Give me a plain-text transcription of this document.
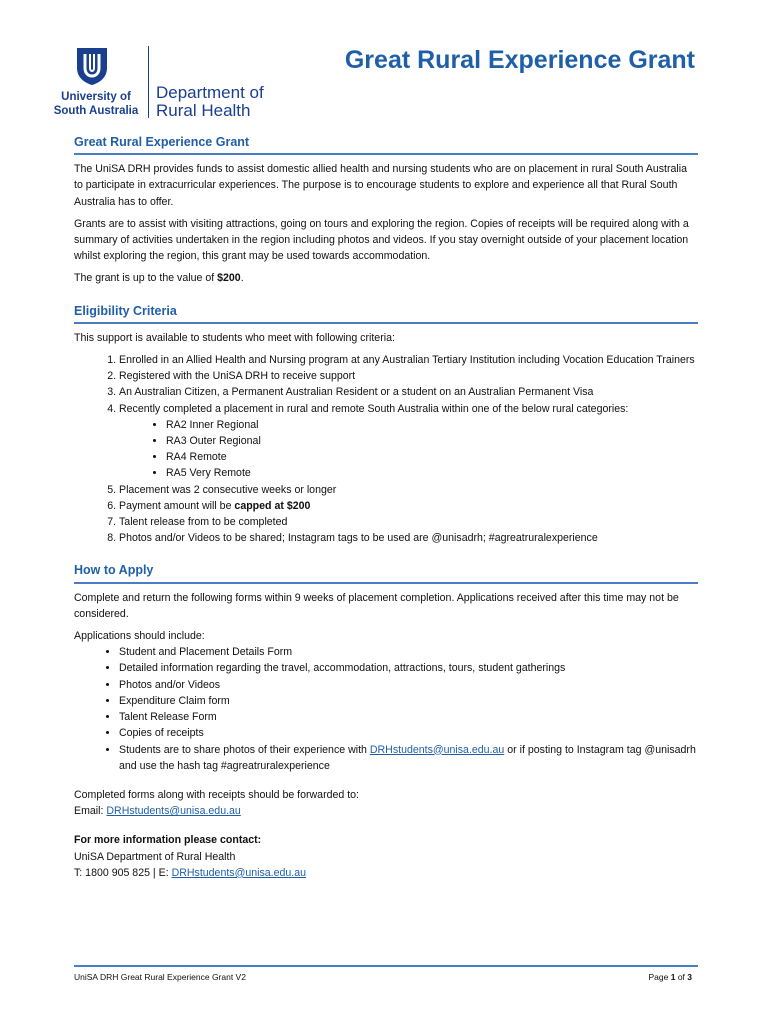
University of
South Australia
Department of
Rural Health
Great Rural Experience Grant
Great Rural Experience Grant

The UniSA DRH provides funds to assist domestic allied health and nursing students who are on placement in rural South Australia to participate in extracurricular experiences. The purpose is to encourage students to explore and experience all that Rural South Australia has to offer.

Grants are to assist with visiting attractions, going on tours and exploring the region. Copies of receipts will be required along with a summary of activities undertaken in the region including photos and videos. If you stay overnight outside of your placement location whilst exploring the region, this grant may be used towards accommodation.

The grant is up to the value of $200.

Eligibility Criteria

This support is available to students who meet with following criteria:

1. Enrolled in an Allied Health and Nursing program at any Australian Tertiary Institution including Vocation Education Trainers
2. Registered with the UniSA DRH to receive support
3. An Australian Citizen, a Permanent Australian Resident or a student on an Australian Permanent Visa
4. Recently completed a placement in rural and remote South Australia within one of the below rural categories:
• RA2 Inner Regional
• RA3 Outer Regional
• RA4 Remote
• RA5 Very Remote
5. Placement was 2 consecutive weeks or longer
6. Payment amount will be capped at $200
7. Talent release from to be completed
8. Photos and/or Videos to be shared; Instagram tags to be used are @unisadrh; #agreatruralexperience
How to Apply

Complete and return the following forms within 9 weeks of placement completion. Applications received after this time may not be considered.

Applications should include:

• Student and Placement Details Form
• Detailed information regarding the travel, accommodation, attractions, tours, student gatherings
• Photos and/or Videos
• Expenditure Claim form
• Talent Release Form
• Copies of receipts
• Students are to share photos of their experience with DRHstudents@unisa.edu.au or if posting to Instagram tag @unisadrh and use the hash tag #agreatruralexperience

Completed forms along with receipts should be forwarded to:
Email: DRHstudents@unisa.edu.au

For more information please contact:
UniSA Department of Rural Health
T: 1800 905 825 | E: DRHstudents@unisa.edu.au

UniSA DRH Great Rural Experience Grant V2	Page 1 of 3
